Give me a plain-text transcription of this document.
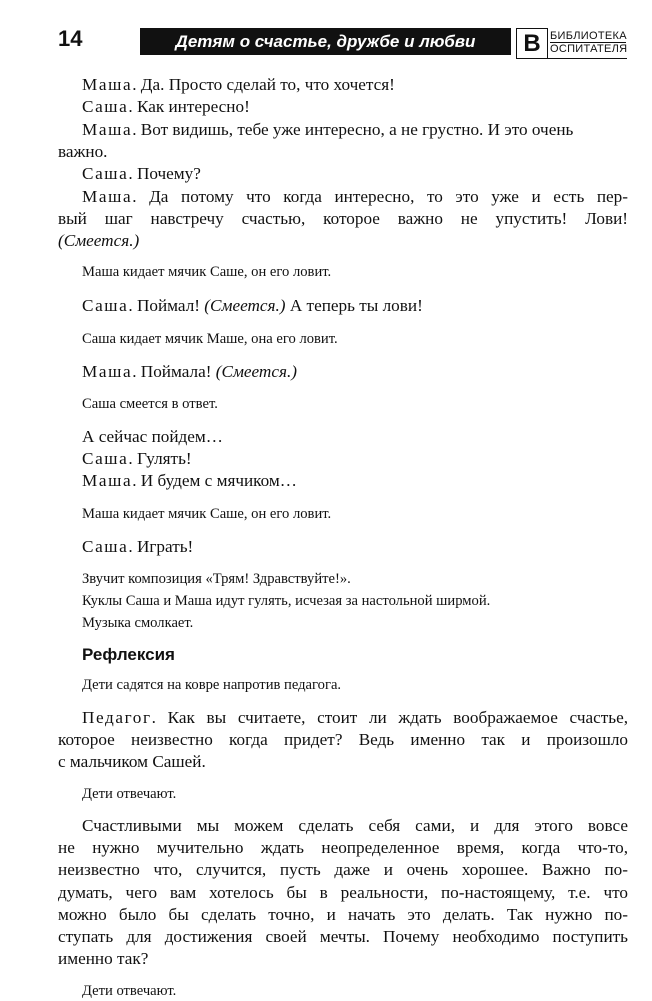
14	Детям о счастье, дружбе и любви	В БИБЛИОТЕКА
ОСПИТАТЕЛЯ
Маша. Да. Просто сделай то, что хочется!
Саша. Как интересно!
Маша. Вот видишь, тебе уже интересно, а не грустно. И это очень
важно.
Саша. Почему?
Маша. Да потому что когда интересно, то это уже и есть пер-
вый шаг навстречу счастью, которое важно не упустить! Лови!
(Смеется.)
Маша кидает мячик Саше, он его ловит.
Саша. Поймал! (Смеется.) А теперь ты лови!
Саша кидает мячик Маше, она его ловит.
Маша. Поймала! (Смеется.)
Саша смеется в ответ.
А сейчас пойдем…
Саша. Гулять!
Маша. И будем с мячиком…
Маша кидает мячик Саше, он его ловит.
Саша. Играть!
Звучит композиция «Трям! Здравствуйте!».
Куклы Саша и Маша идут гулять, исчезая за настольной ширмой.
Музыка смолкает.
Рефлексия
Дети садятся на ковре напротив педагога.
Педагог. Как вы считаете, стоит ли ждать воображаемое счастье,
которое неизвестно когда придет? Ведь именно так и произошло
с мальчиком Сашей.
Дети отвечают.
Счастливыми мы можем сделать себя сами, и для этого вовсе
не нужно мучительно ждать неопределенное время, когда что-то,
неизвестно что, случится, пусть даже и очень хорошее. Важно по-
думать, чего вам хотелось бы в реальности, по-настоящему, т.е. что
можно было бы сделать точно, и начать это делать. Так нужно по-
ступать для достижения своей мечты. Почему необходимо поступить
именно так?
Дети отвечают.
